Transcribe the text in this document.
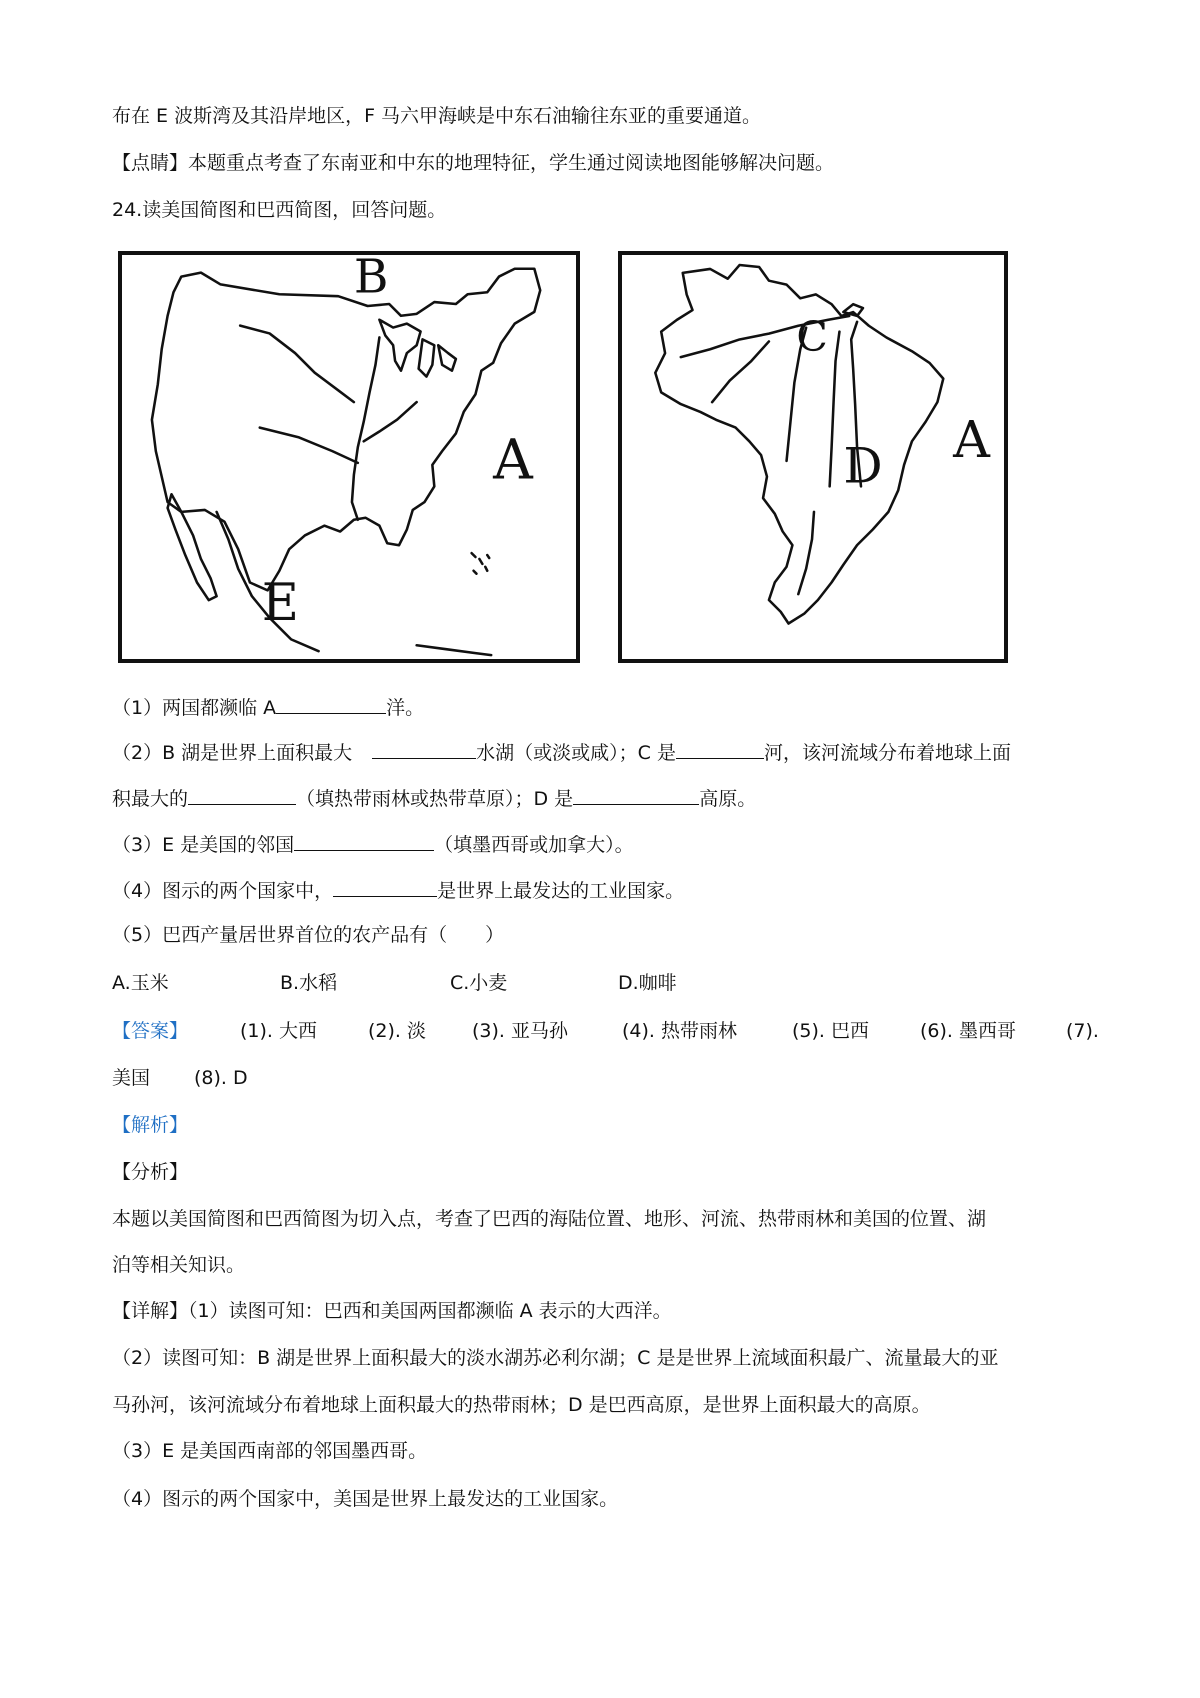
布在 E 波斯湾及其沿岸地区，F 马六甲海峡是中东石油输往东亚的重要通道。
【点睛】本题重点考查了东南亚和中东的地理特征，学生通过阅读地图能够解决问题。
24.读美国简图和巴西简图，回答问题。
B
A
E
C
D A
（1）两国都濒临 A	洋。
（2）B 湖是世界上面积最大	水湖（或淡或咸）；C 是	河，该河流域分布着地球上面
积最大的	（填热带雨林或热带草原）；D 是	高原。
（3）E 是美国的邻国	（填墨西哥或加拿大）。
（4）图示的两个国家中，	是世界上最发达的工业国家。
（5）巴西产量居世界首位的农产品有（　　）
A.玉米	B.水稻	C.小麦	D.咖啡
【答案】	(1). 大西	(2). 淡 (3). 亚马孙	(4). 热带雨林	(5). 巴西	(6). 墨西哥	(7).
美国 (8). D
【解析】
【分析】
本题以美国简图和巴西简图为切入点，考查了巴西的海陆位置、地形、河流、热带雨林和美国的位置、湖
泊等相关知识。
【详解】（1）读图可知：巴西和美国两国都濒临 A 表示的大西洋。
（2）读图可知：B 湖是世界上面积最大的淡水湖苏必利尔湖；C 是是世界上流域面积最广、流量最大的亚
马孙河，该河流域分布着地球上面积最大的热带雨林；D 是巴西高原，是世界上面积最大的高原。
（3）E 是美国西南部的邻国墨西哥。
（4）图示的两个国家中，美国是世界上最发达的工业国家。
